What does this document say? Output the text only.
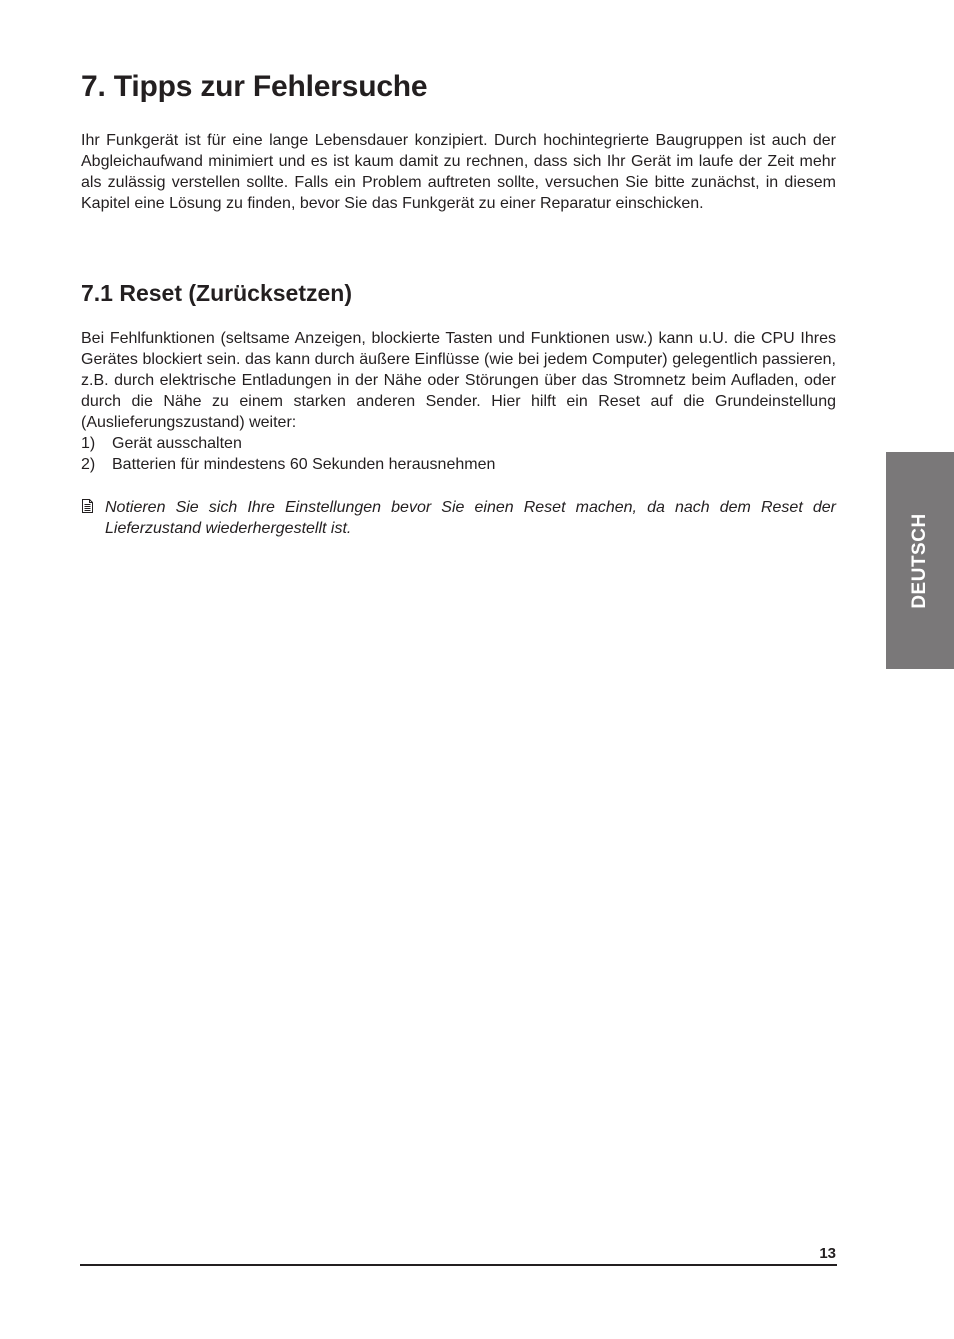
7. Tipps zur Fehlersuche

Ihr Funkgerät ist für eine lange Lebensdauer konzipiert. Durch hochintegrierte Baugruppen ist auch der Abgleichaufwand minimiert und es ist kaum damit zu rechnen, dass sich Ihr Gerät im laufe der Zeit mehr als zulässig verstellen sollte. Falls ein Problem auftreten sollte, versuchen Sie bitte zunächst, in diesem Kapitel eine Lösung zu finden, bevor Sie das Funkgerät zu einer Reparatur einschicken.

7.1 Reset (Zurücksetzen)

Bei Fehlfunktionen (seltsame Anzeigen, blockierte Tasten und Funktionen usw.) kann u.U. die CPU Ihres Gerätes blockiert sein. das kann durch äußere Einflüsse (wie bei jedem Computer) gelegentlich passieren, z.B. durch elektrische Entladungen in der Nähe oder Störungen über das Stromnetz beim Aufladen, oder durch die Nähe zu einem starken anderen Sender. Hier hilft ein Reset auf die Grundeinstellung (Auslieferungszustand) weiter:

1)	Gerät ausschalten
2)	Batterien für mindestens 60 Sekunden herausnehmen
Notieren Sie sich Ihre Einstellungen bevor Sie einen Reset machen, da nach dem Reset der Lieferzustand wiederhergestellt ist.	DEUTSCH
13
